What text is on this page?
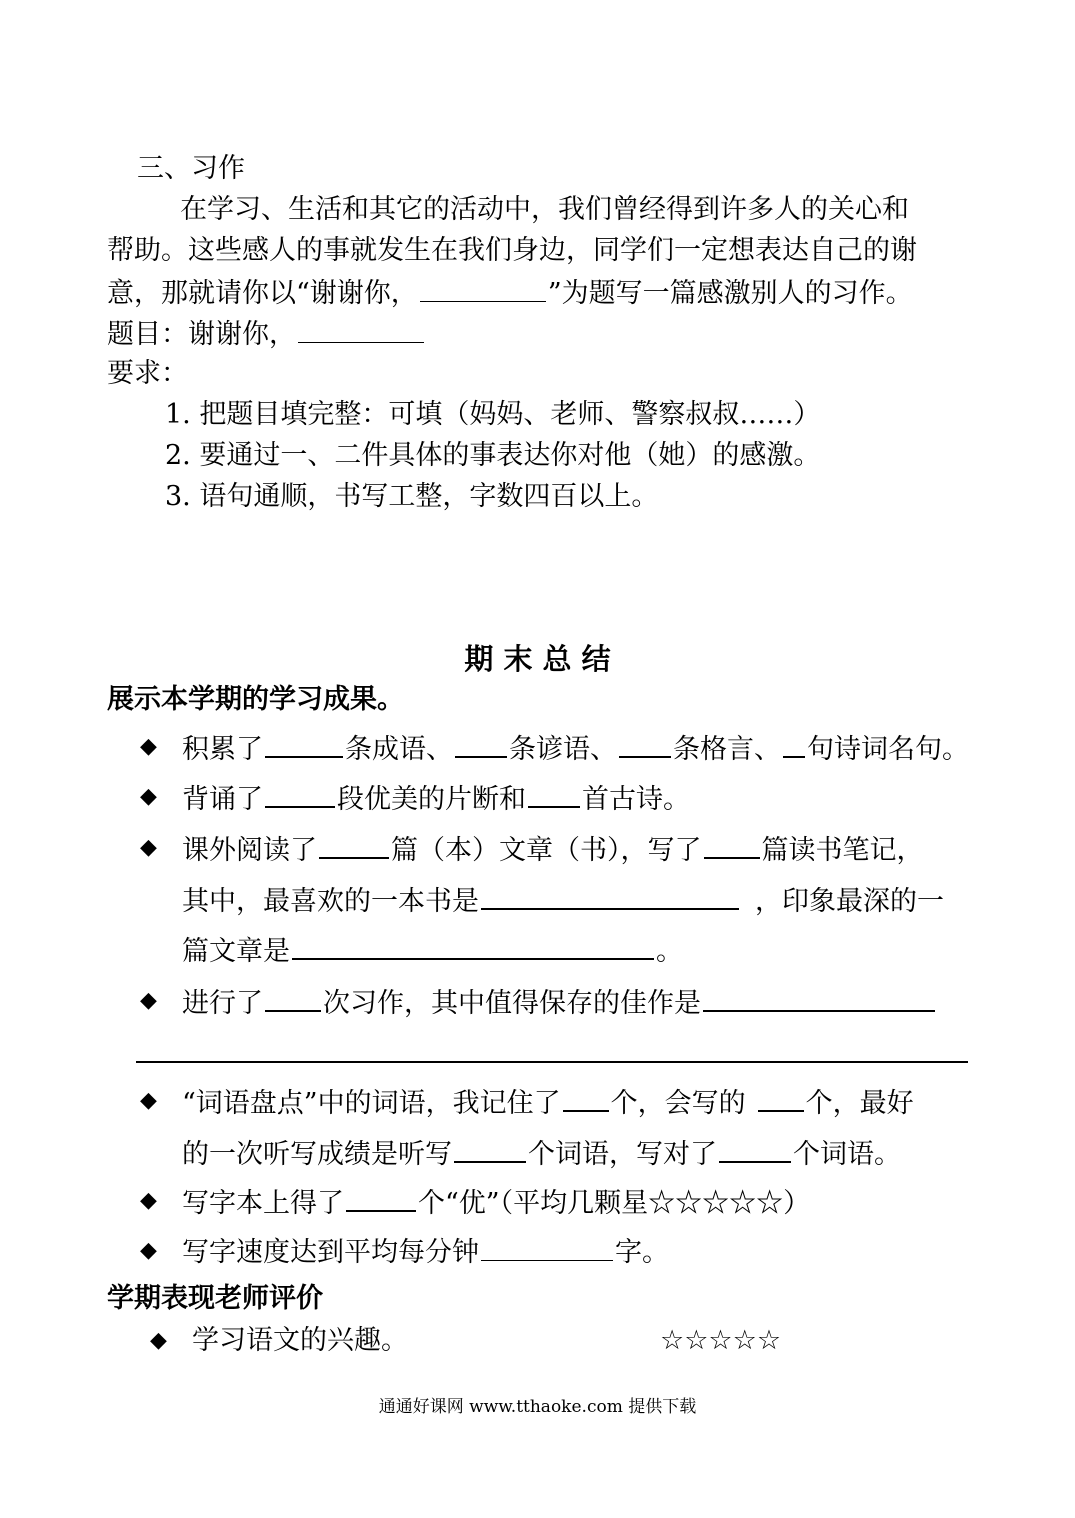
三、习作
在学习、生活和其它的活动中，我们曾经得到许多人的关心和
帮助。这些感人的事就发生在我们身边，同学们一定想表达自己的谢
意，那就请你以“谢谢你，	”为题写一篇感激别人的习作。
题目：谢谢你，
要求：
1. 把题目填完整：可填（妈妈、老师、警察叔叔……）
2. 要通过一、二件具体的事表达你对他（她）的感激。
3. 语句通顺，书写工整，字数四百以上。
期 末 总 结
展示本学期的学习成果。
◆ 积累了	条成语、 条谚语、 条格言、 句诗词名句。
◆ 背诵了	段优美的片断和 首古诗。
◆ 课外阅读了	篇（本）文章（书），写了 篇读书笔记，
其中，最喜欢的一本书是	，印象最深的一
篇文章是	。
◆ 进行了 次习作，其中值得保存的佳作是
◆ “词语盘点”中的词语，我记住了 个，会写的 个，最好
的一次听写成绩是听写	个词语，写对了	个词语。
◆ 写字本上得了	个“优”（平均几颗星☆☆☆☆☆）
◆ 写字速度达到平均每分钟	字。
学期表现老师评价
◆ 学习语文的兴趣。	☆☆☆☆☆
通通好课网 www.tthaoke.com 提供下载
